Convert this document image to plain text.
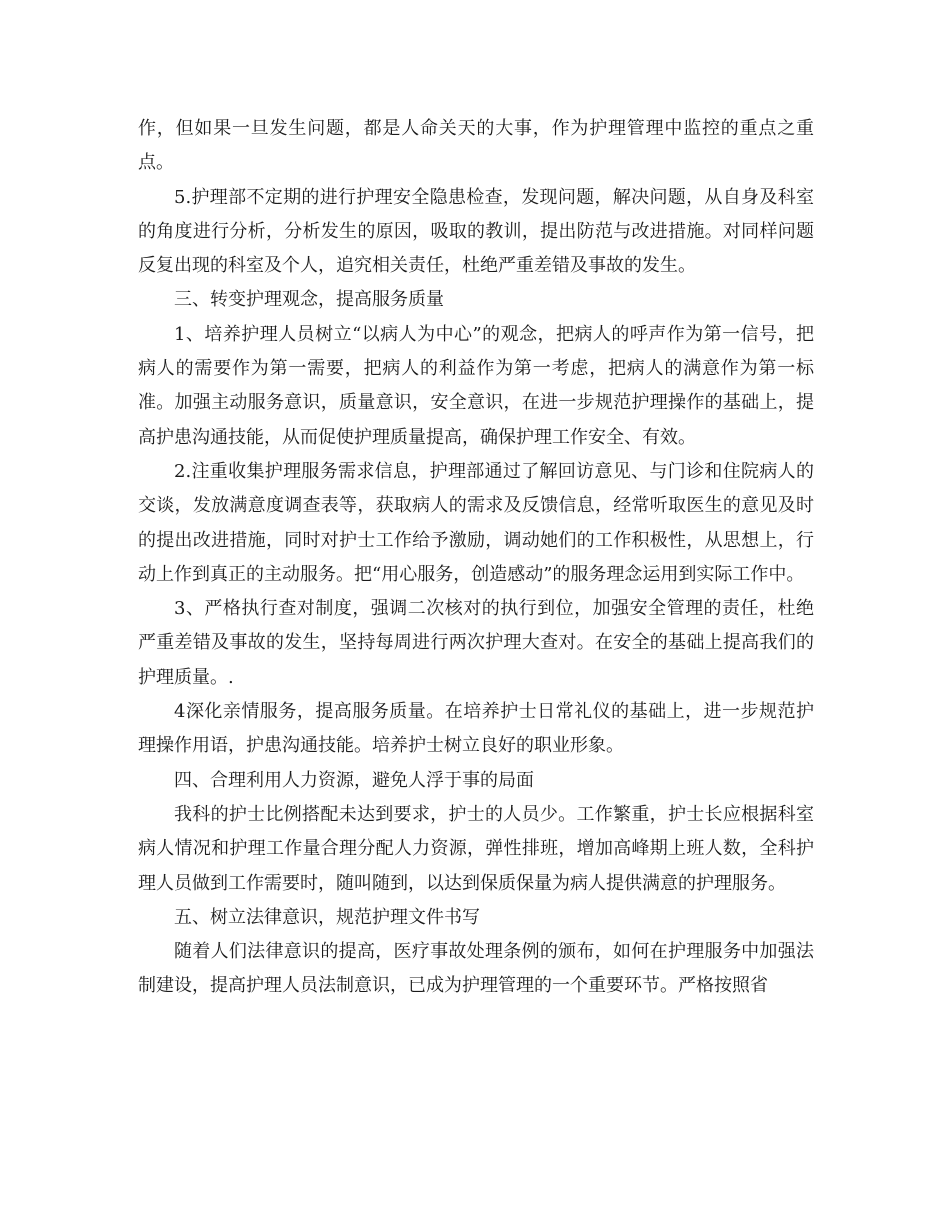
作，但如果一旦发生问题，都是人命关天的大事，作为护理管理中监控的重点之重点。

5.护理部不定期的进行护理安全隐患检查，发现问题，解决问题，从自身及科室的角度进行分析，分析发生的原因，吸取的教训，提出防范与改进措施。对同样问题反复出现的科室及个人，追究相关责任，杜绝严重差错及事故的发生。

三、转变护理观念，提高服务质量

1、培养护理人员树立“以病人为中心”的观念，把病人的呼声作为第一信号，把病人的需要作为第一需要，把病人的利益作为第一考虑，把病人的满意作为第一标准。加强主动服务意识，质量意识，安全意识，在进一步规范护理操作的基础上，提高护患沟通技能，从而促使护理质量提高，确保护理工作安全、有效。

2.注重收集护理服务需求信息，护理部通过了解回访意见、与门诊和住院病人的交谈，发放满意度调查表等，获取病人的需求及反馈信息，经常听取医生的意见及时的提出改进措施，同时对护士工作给予激励，调动她们的工作积极性，从思想上，行动上作到真正的主动服务。把“用心服务，创造感动”的服务理念运用到实际工作中。

3、严格执行查对制度，强调二次核对的执行到位，加强安全管理的责任，杜绝严重差错及事故的发生，坚持每周进行两次护理大查对。在安全的基础上提高我们的护理质量。.

4深化亲情服务，提高服务质量。在培养护士日常礼仪的基础上，进一步规范护理操作用语，护患沟通技能。培养护士树立良好的职业形象。

四、合理利用人力资源，避免人浮于事的局面

我科的护士比例搭配未达到要求，护士的人员少。工作繁重，护士长应根据科室病人情况和护理工作量合理分配人力资源，弹性排班，增加高峰期上班人数，全科护理人员做到工作需要时，随叫随到，以达到保质保量为病人提供满意的护理服务。

五、树立法律意识，规范护理文件书写

随着人们法律意识的提高，医疗事故处理条例的颁布，如何在护理服务中加强法制建设，提高护理人员法制意识，已成为护理管理的一个重要环节。严格按照省
